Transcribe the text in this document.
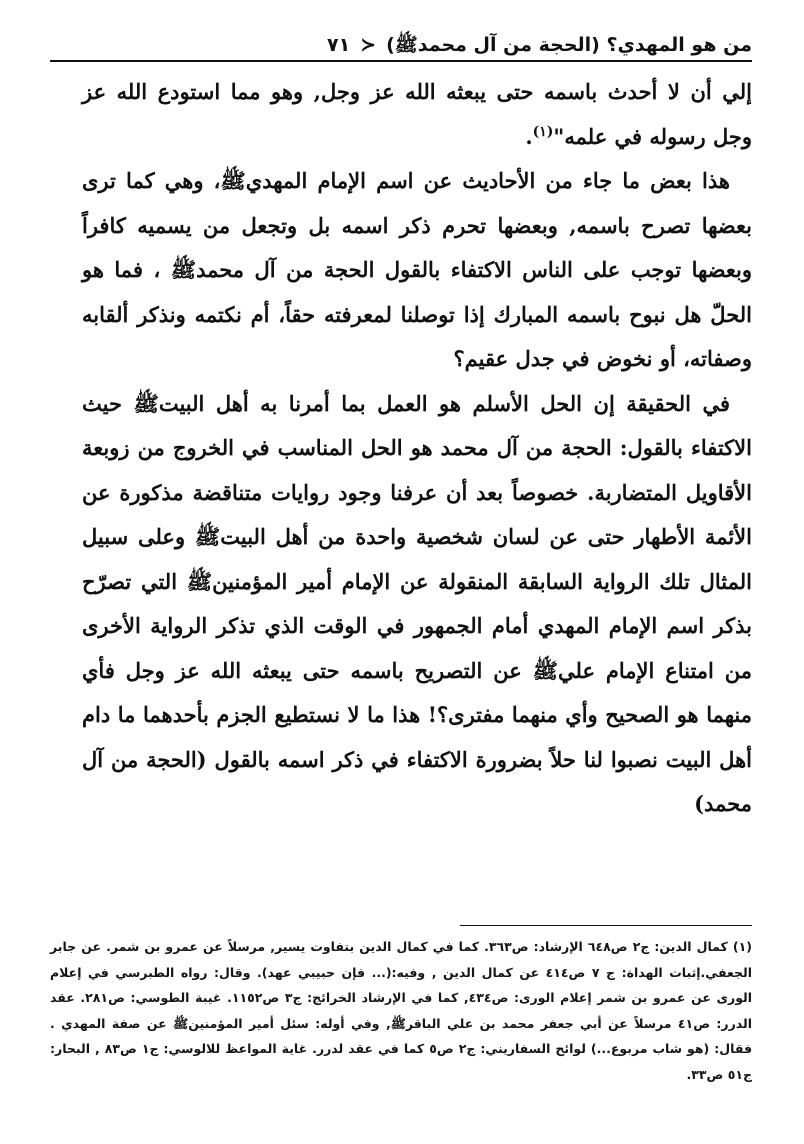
من هو المهدي؟ (الحجة من آل محمدﷺ)
≺
٧١

إلي أن لا أحدث باسمه حتى يبعثه الله عز وجل, وهو مما استودع الله عز وجل رسوله في علمه"$^{(١)}$.

هذا بعض ما جاء من الأحاديث عن اسم الإمام المهديﷺ، وهي كما ترى بعضها تصرح باسمه, وبعضها تحرم ذكر اسمه بل وتجعل من يسميه كافراً وبعضها توجب على الناس الاكتفاء بالقول الحجة من آل محمدﷺ ، فما هو الحلّ هل نبوح باسمه المبارك إذا توصلنا لمعرفته حقاً، أم نكتمه ونذكر ألقابه وصفاته، أو نخوض في جدل عقيم؟

في الحقيقة إن الحل الأسلم هو العمل بما أمرنا به أهل البيتﷺ حيث الاكتفاء بالقول: الحجة من آل محمد هو الحل المناسب في الخروج من زوبعة الأقاويل المتضاربة. خصوصاً بعد أن عرفنا وجود روايات متناقضة مذكورة عن الأئمة الأطهار حتى عن لسان شخصية واحدة من أهل البيتﷺ وعلى سبيل المثال تلك الرواية السابقة المنقولة عن الإمام أمير المؤمنينﷺ التي تصرّح بذكر اسم الإمام المهدي أمام الجمهور في الوقت الذي تذكر الرواية الأخرى من امتناع الإمام عليﷺ عن التصريح باسمه حتى يبعثه الله عز وجل فأي منهما هو الصحيح وأي منهما مفترى؟! هذا ما لا نستطيع الجزم بأحدهما ما دام أهل البيت نصبوا لنا حلاً بضرورة الاكتفاء في ذكر اسمه بالقول (الحجة من آل محمد)

(١) كمال الدين: ج٢ ص٦٤٨ الإرشاد: ص٣٦٣. كما في كمال الدين بتفاوت يسير, مرسلاً عن عمرو بن شمر. عن جابر الجعفي.إثبات الهداة: ج ٧ ص٤١٤ عن كمال الدين , وفيه:(... فإن حبيبي عهد). وقال: رواه الطبرسي في إعلام الورى عن عمرو بن شمر إعلام الورى: ص٤٣٤, كما في الإرشاد الخرائج: ج٣ ص١١٥٢. غيبة الطوسي: ص٢٨١. عقد الدرر: ص٤١ مرسلاً عن أبي جعفر محمد بن علي الباقرﷺ, وفي أوله: سئل أمير المؤمنينﷺ عن صفة المهدي . فقال: (هو شاب مربوع...) لوائح السفاريني: ج٢ ص٥ كما في عقد لدرر. غاية المواعظ للالوسي: ج١ ص٨٣ , البحار: ج٥١ ص٣٣.
